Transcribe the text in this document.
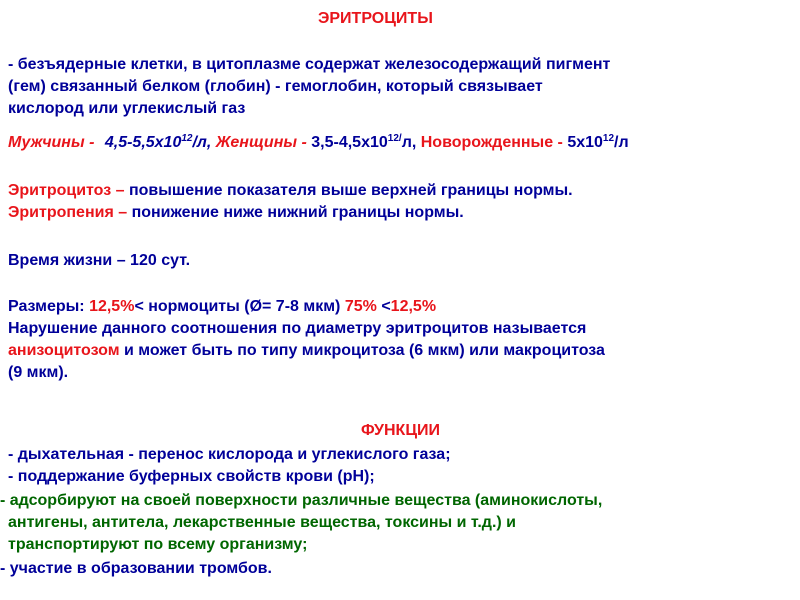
ЭРИТРОЦИТЫ
- безъядерные клетки, в цитоплазме содержат железосодержащий пигмент
(гем) связанный белком (глобин) - гемоглобин, который связывает
кислород или углекислый газ
Мужчины - $4,5-5,5х10^{12}/л$, Женщины - $3,5-4,5х10^{12/}л$, Новорожденные - $5х10^{12}/л$
Эритроцитоз – повышение показателя выше верхней границы нормы.
Эритропения – понижение ниже нижний границы нормы.
Время жизни – 120 сут.
Размеры: 12,5%< нормоциты (Ø= 7-8 мкм) 75% <12,5%
Нарушение данного соотношения по диаметру эритроцитов называется
анизоцитозом и может быть по типу микроцитоза (6 мкм) или макроцитоза
(9 мкм).
ФУНКЦИИ
- дыхательная - перенос кислорода и углекислого газа;
- поддержание буферных свойств крови (рН);
- адсорбируют на своей поверхности различные вещества (аминокислоты,
антигены, антитела, лекарственные вещества, токсины и т.д.) и
транспортируют по всему организму;
- участие в образовании тромбов.
